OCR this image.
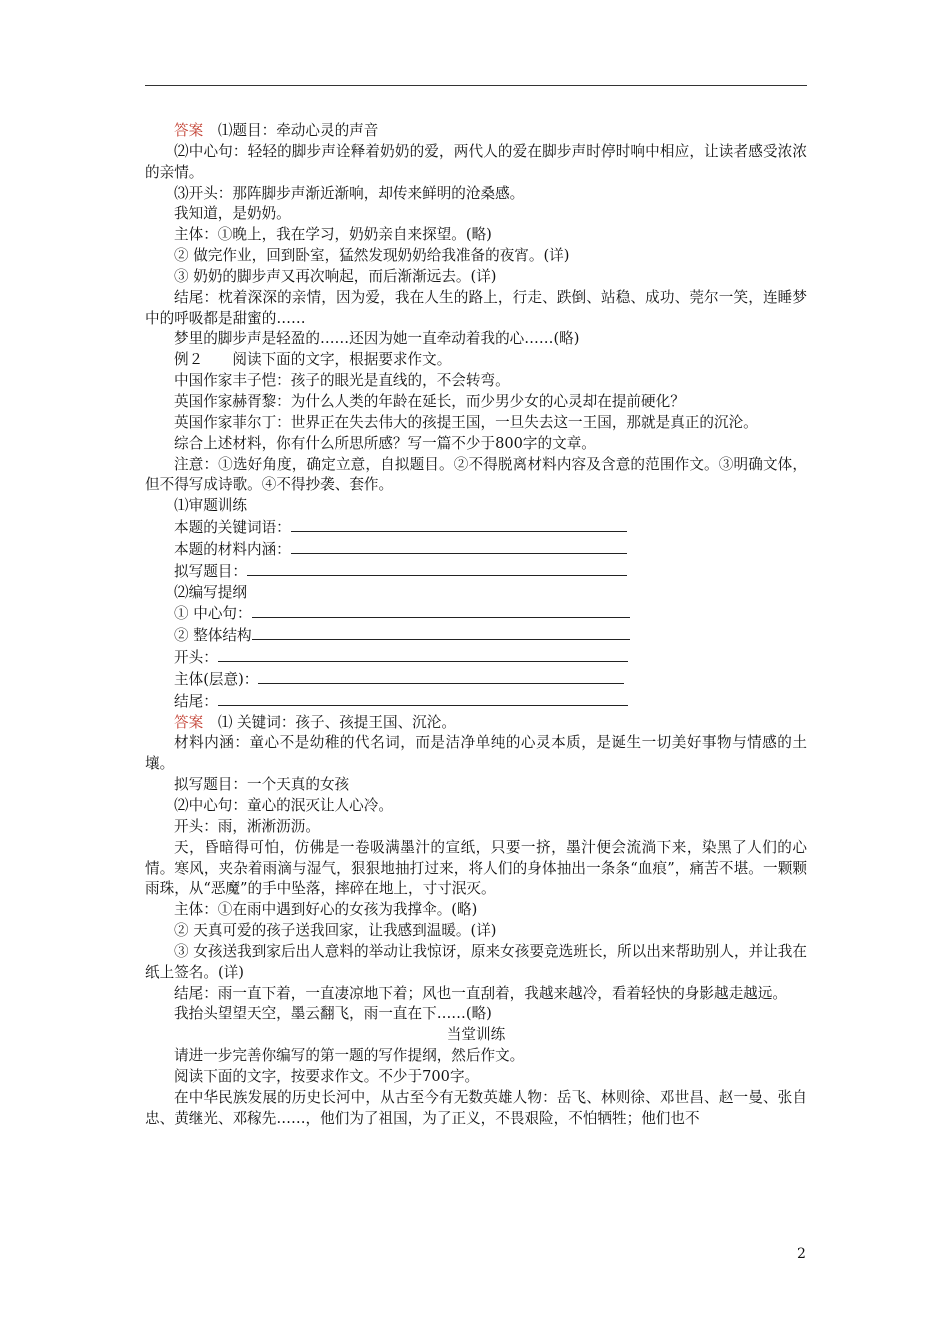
答案　 ⑴题目：牵动心灵的声音

⑵中心句：轻轻的脚步声诠释着奶奶的爱，两代人的爱在脚步声时停时响中相应，让读者感受浓浓的亲情。

⑶开头：那阵脚步声渐近渐响，却传来鲜明的沧桑感。

我知道，是奶奶。

主体：①晚上，我在学习，奶奶亲自来探望。(略)

② 做完作业，回到卧室，猛然发现奶奶给我准备的夜宵。(详)

③ 奶奶的脚步声又再次响起，而后渐渐远去。(详)

结尾：枕着深深的亲情，因为爱，我在人生的路上，行走、跌倒、站稳、成功、莞尔一笑，连睡梦中的呼吸都是甜蜜的……

梦里的脚步声是轻盈的……还因为她一直牵动着我的心……(略)

例２　　阅读下面的文字，根据要求作文。

中国作家丰子恺：孩子的眼光是直线的，不会转弯。

英国作家赫胥黎：为什么人类的年龄在延长，而少男少女的心灵却在提前硬化？

英国作家菲尔丁：世界正在失去伟大的孩提王国，一旦失去这一王国，那就是真正的沉沦。

综合上述材料，你有什么所思所感？写一篇不少于800字的文章。

注意：①选好角度，确定立意，自拟题目。②不得脱离材料内容及含意的范围作文。③明确文体，但不得写成诗歌。④不得抄袭、套作。

⑴审题训练

本题的关键词语：

本题的材料内涵：

拟写题目：

⑵编写提纲

① 中心句：

② 整体结构

开头：

主体(层意)：

结尾：

答案　 ⑴ 关键词：孩子、孩提王国、沉沦。

材料内涵：童心不是幼稚的代名词，而是洁净单纯的心灵本质，是诞生一切美好事物与情感的土壤。

拟写题目：一个天真的女孩

⑵中心句：童心的泯灭让人心冷。

开头：雨，淅淅沥沥。

天，昏暗得可怕，仿佛是一卷吸满墨汁的宣纸，只要一挤，墨汁便会流淌下来，染黑了人们的心情。寒风，夹杂着雨滴与湿气，狠狠地抽打过来，将人们的身体抽出一条条“血痕”，痛苦不堪。一颗颗雨珠，从“恶魔”的手中坠落，摔碎在地上，寸寸泯灭。

主体：①在雨中遇到好心的女孩为我撑伞。(略)

② 天真可爱的孩子送我回家，让我感到温暖。(详)

③ 女孩送我到家后出人意料的举动让我惊讶，原来女孩要竞选班长，所以出来帮助别人，并让我在纸上签名。(详)

结尾：雨一直下着，一直凄凉地下着；风也一直刮着，我越来越冷，看着轻快的身影越走越远。

我抬头望望天空，墨云翻飞，雨一直在下……(略)

当堂训练

请进一步完善你编写的第一题的写作提纲，然后作文。

阅读下面的文字，按要求作文。不少于700字。

在中华民族发展的历史长河中，从古至今有无数英雄人物：岳飞、林则徐、邓世昌、赵一曼、张自忠、黄继光、邓稼先……，他们为了祖国，为了正义，不畏艰险，不怕牺牲；他们也不

2
